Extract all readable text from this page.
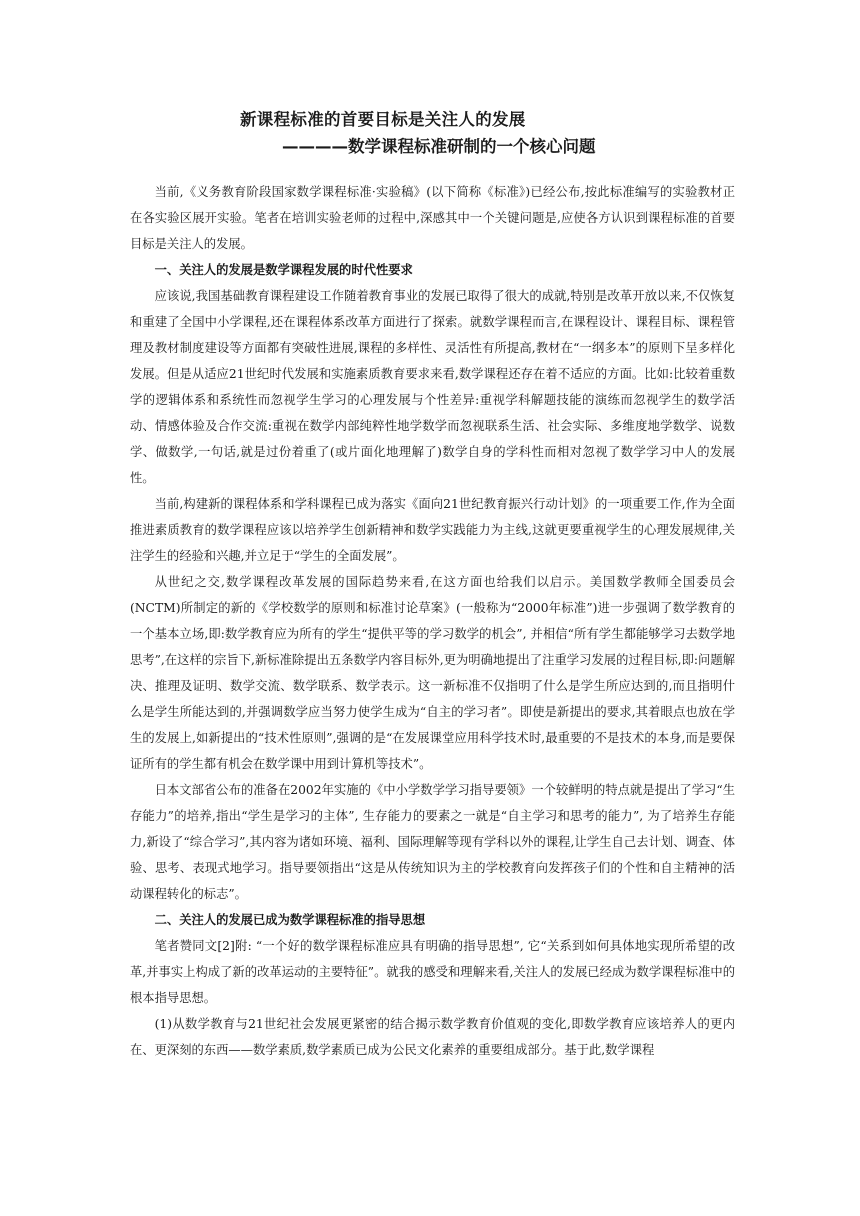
新课程标准的首要目标是关注人的发展
————数学课程标准研制的一个核心问题

当前,《义务教育阶段国家数学课程标准·实验稿》(以下简称《标准》)已经公布,按此标准编写的实验教材正在各实验区展开实验。笔者在培训实验老师的过程中,深感其中一个关键问题是,应使各方认识到课程标准的首要目标是关注人的发展。

一、关注人的发展是数学课程发展的时代性要求

应该说,我国基础教育课程建设工作随着教育事业的发展已取得了很大的成就,特别是改革开放以来,不仅恢复和重建了全国中小学课程,还在课程体系改革方面进行了探索。就数学课程而言,在课程设计、课程目标、课程管理及教材制度建设等方面都有突破性进展,课程的多样性、灵活性有所提高,教材在“一纲多本”的原则下呈多样化发展。但是从适应21世纪时代发展和实施素质教育要求来看,数学课程还存在着不适应的方面。比如:比较着重数学的逻辑体系和系统性而忽视学生学习的心理发展与个性差异:重视学科解题技能的演练而忽视学生的数学活动、情感体验及合作交流:重视在数学内部纯粹性地学数学而忽视联系生活、社会实际、多维度地学数学、说数学、做数学,一句话,就是过份着重了(或片面化地理解了)数学自身的学科性而相对忽视了数学学习中人的发展性。

当前,构建新的课程体系和学科课程已成为落实《面向21世纪教育振兴行动计划》的一项重要工作,作为全面推进素质教育的数学课程应该以培养学生创新精神和数学实践能力为主线,这就更要重视学生的心理发展规律,关注学生的经验和兴趣,并立足于“学生的全面发展”。

从世纪之交,数学课程改革发展的国际趋势来看,在这方面也给我们以启示。美国数学教师全国委员会(NCTM)所制定的新的《学校数学的原则和标准讨论草案》(一般称为“2000年标准”)进一步强调了数学教育的一个基本立场,即:数学教育应为所有的学生“提供平等的学习数学的机会”, 并相信“所有学生都能够学习去数学地思考”,在这样的宗旨下,新标准除提出五条数学内容目标外,更为明确地提出了注重学习发展的过程目标,即:问题解决、推理及证明、数学交流、数学联系、数学表示。这一新标准不仅指明了什么是学生所应达到的,而且指明什么是学生所能达到的,并强调数学应当努力使学生成为“自主的学习者”。即使是新提出的要求,其着眼点也放在学生的发展上,如新提出的“技术性原则”,强调的是“在发展课堂应用科学技术时,最重要的不是技术的本身,而是要保证所有的学生都有机会在数学课中用到计算机等技术”。

日本文部省公布的准备在2002年实施的《中小学数学学习指导要领》一个较鲜明的特点就是提出了学习“生存能力”的培养,指出“学生是学习的主体”, 生存能力的要素之一就是“自主学习和思考的能力”, 为了培养生存能力,新设了“综合学习”,其内容为诸如环境、福利、国际理解等现有学科以外的课程,让学生自己去计划、调查、体验、思考、表现式地学习。指导要领指出“这是从传统知识为主的学校教育向发挥孩子们的个性和自主精神的活动课程转化的标志”。

二、关注人的发展已成为数学课程标准的指导思想

笔者赞同文[2]附: “一个好的数学课程标准应具有明确的指导思想”, 它“关系到如何具体地实现所希望的改革,并事实上构成了新的改革运动的主要特征”。就我的感受和理解来看,关注人的发展已经成为数学课程标准中的根本指导思想。

(1)从数学教育与21世纪社会发展更紧密的结合揭示数学教育价值观的变化,即数学教育应该培养人的更内在、更深刻的东西——数学素质,数学素质已成为公民文化素养的重要组成部分。基于此,数学课程
